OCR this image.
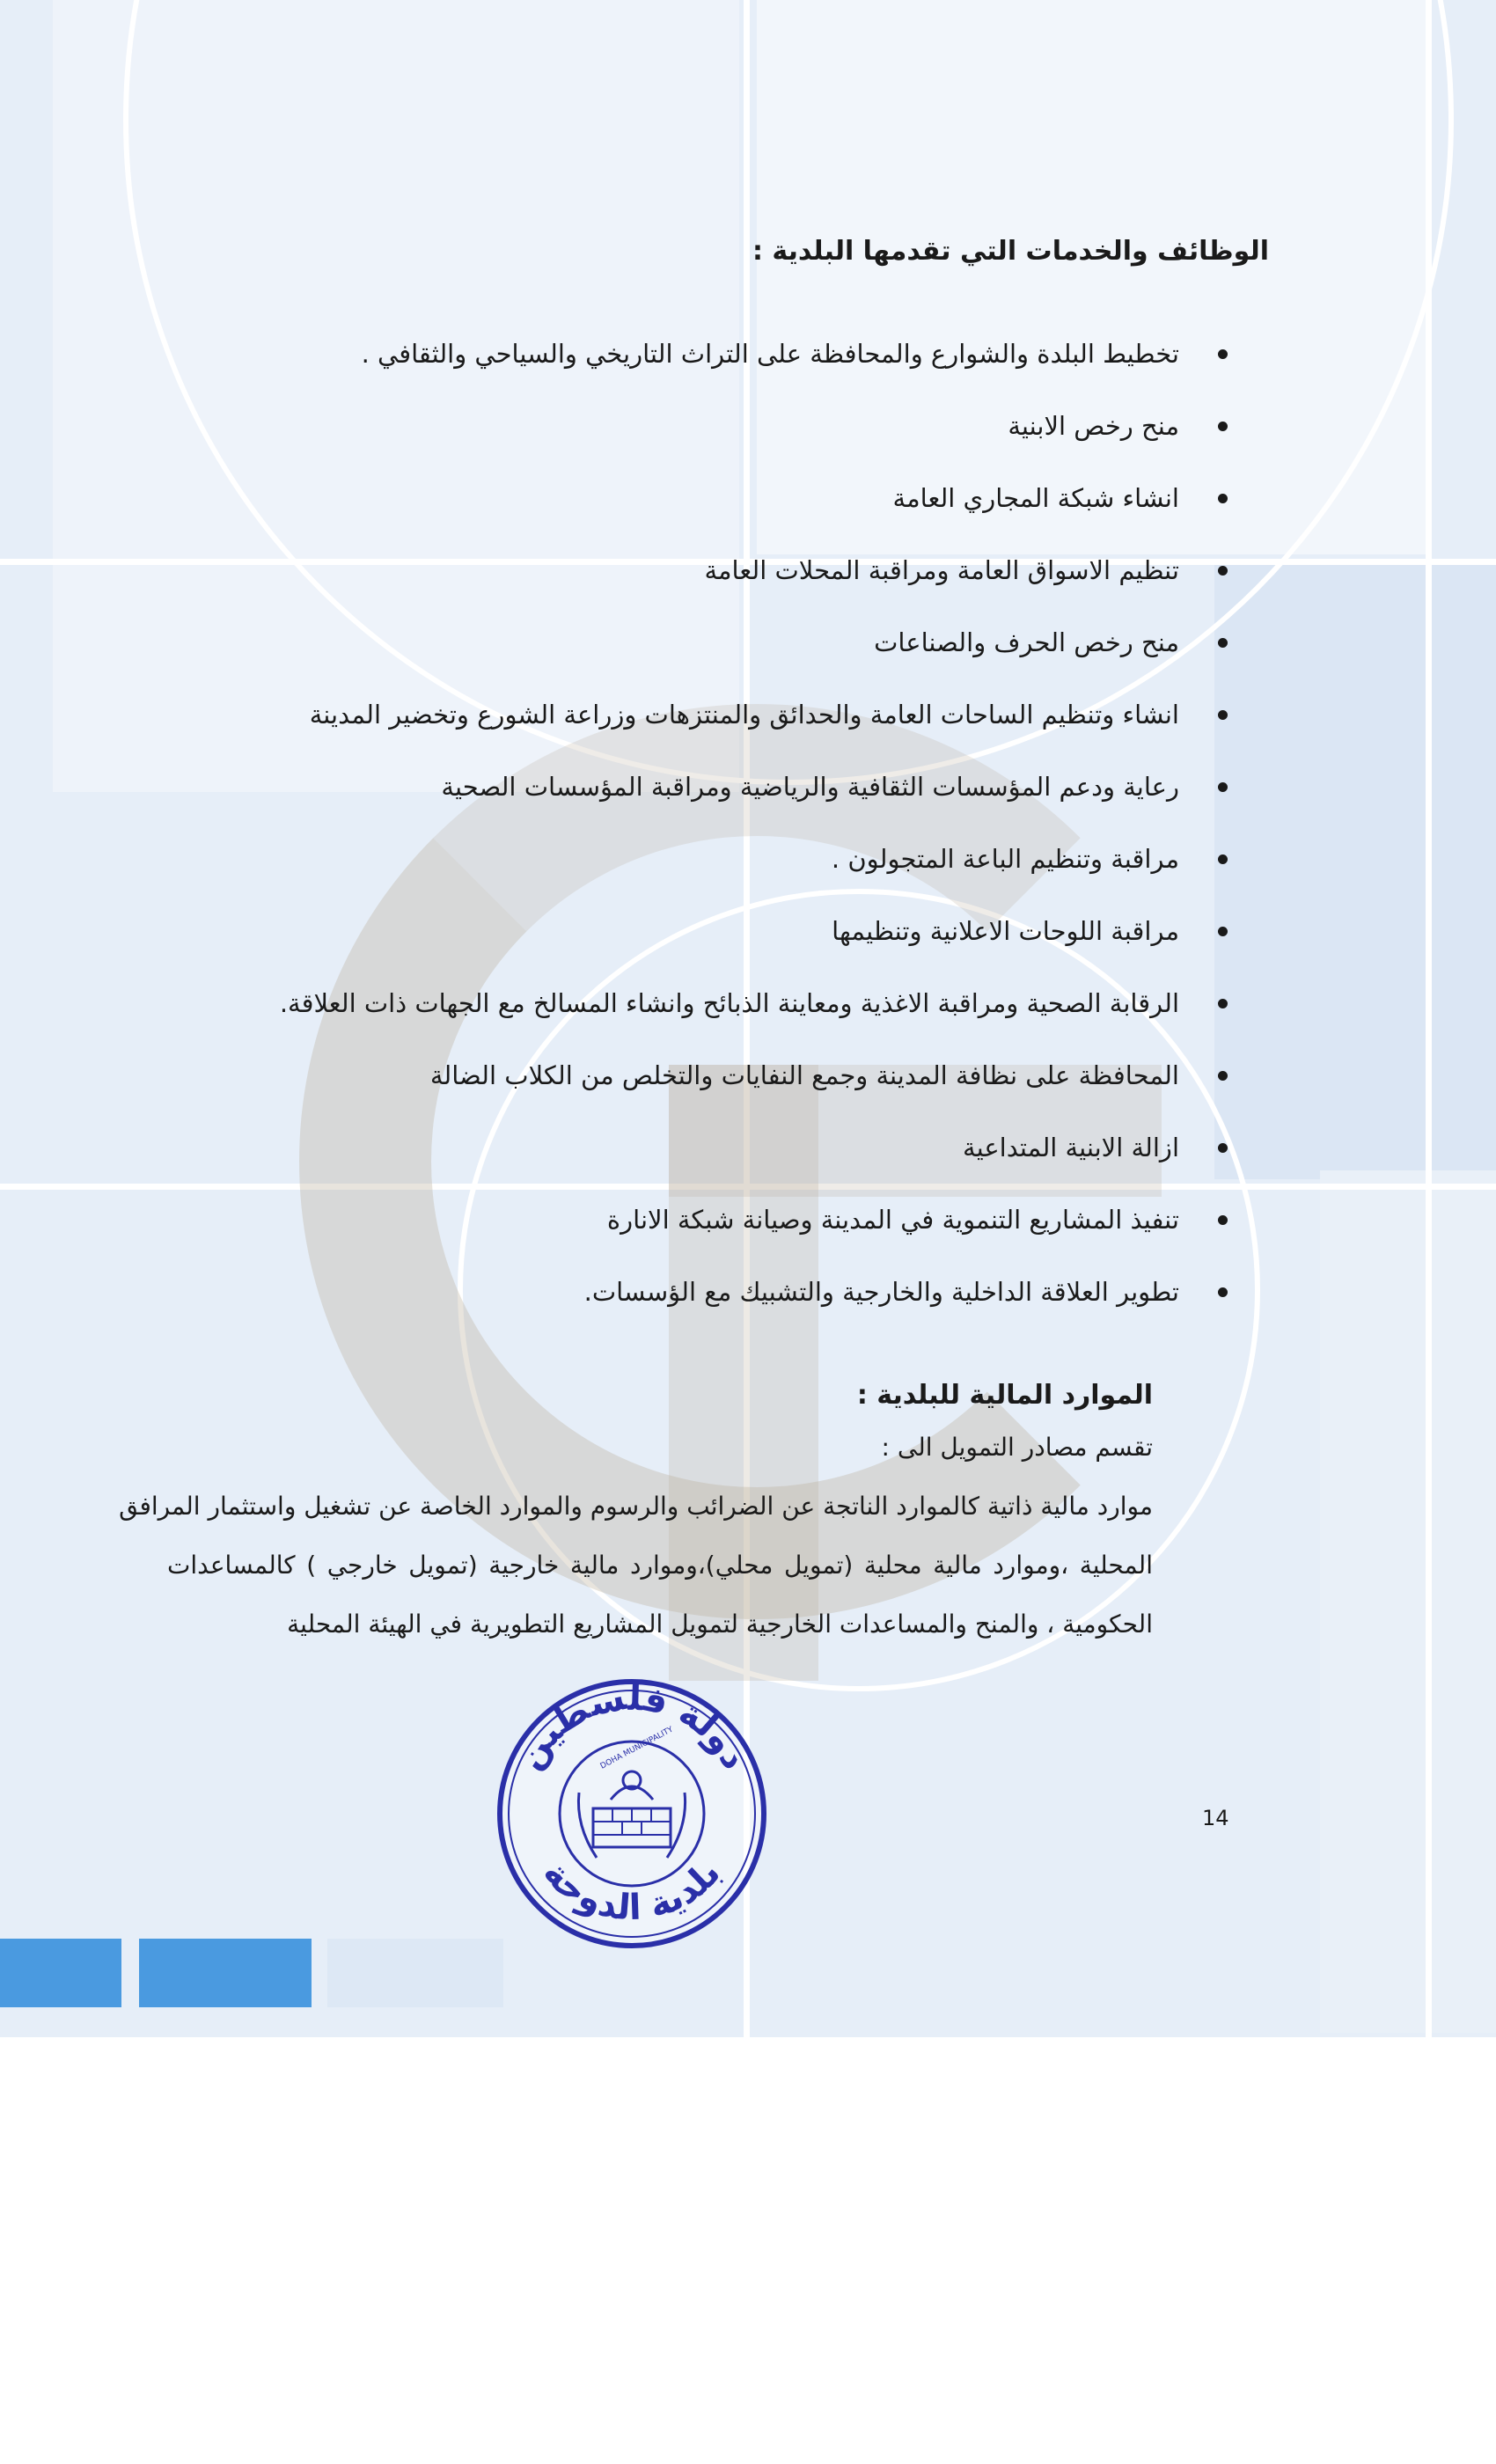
الوظائف والخدمات التي تقدمها البلدية :
تخطيط البلدة والشوارع والمحافظة على التراث التاريخي والسياحي والثقافي .
منح رخص الابنية
انشاء شبكة المجاري العامة
تنظيم الاسواق العامة ومراقبة المحلات العامة
منح رخص الحرف والصناعات
انشاء وتنظيم الساحات العامة والحدائق والمنتزهات وزراعة الشورع وتخضير المدينة
رعاية ودعم المؤسسات الثقافية والرياضية ومراقبة المؤسسات الصحية
مراقبة وتنظيم الباعة المتجولون .
مراقبة اللوحات الاعلانية وتنظيمها
الرقابة الصحية ومراقبة الاغذية ومعاينة الذبائح وانشاء المسالخ مع الجهات ذات العلاقة.
المحافظة على نظافة المدينة وجمع النفايات والتخلص من الكلاب الضالة
ازالة الابنية المتداعية
تنفيذ المشاريع التنموية في المدينة وصيانة شبكة الانارة
تطوير العلاقة الداخلية والخارجية والتشبيك مع الؤسسات.
الموارد المالية للبلدية :

تقسم مصادر التمويل الى :

موارد مالية ذاتية كالموارد الناتجة عن الضرائب والرسوم والموارد الخاصة عن تشغيل واستثمار المرافق

المحلية ،وموارد مالية محلية (تمويل محلي)،وموارد مالية خارجية (تمويل خارجي ) كالمساعدات

الحكومية ، والمنح والمساعدات الخارجية لتمويل المشاريع التطويرية في الهيئة المحلية

14
دولة فلسطين
بلدية الدوحة
DOHA MUNICIPALITY
